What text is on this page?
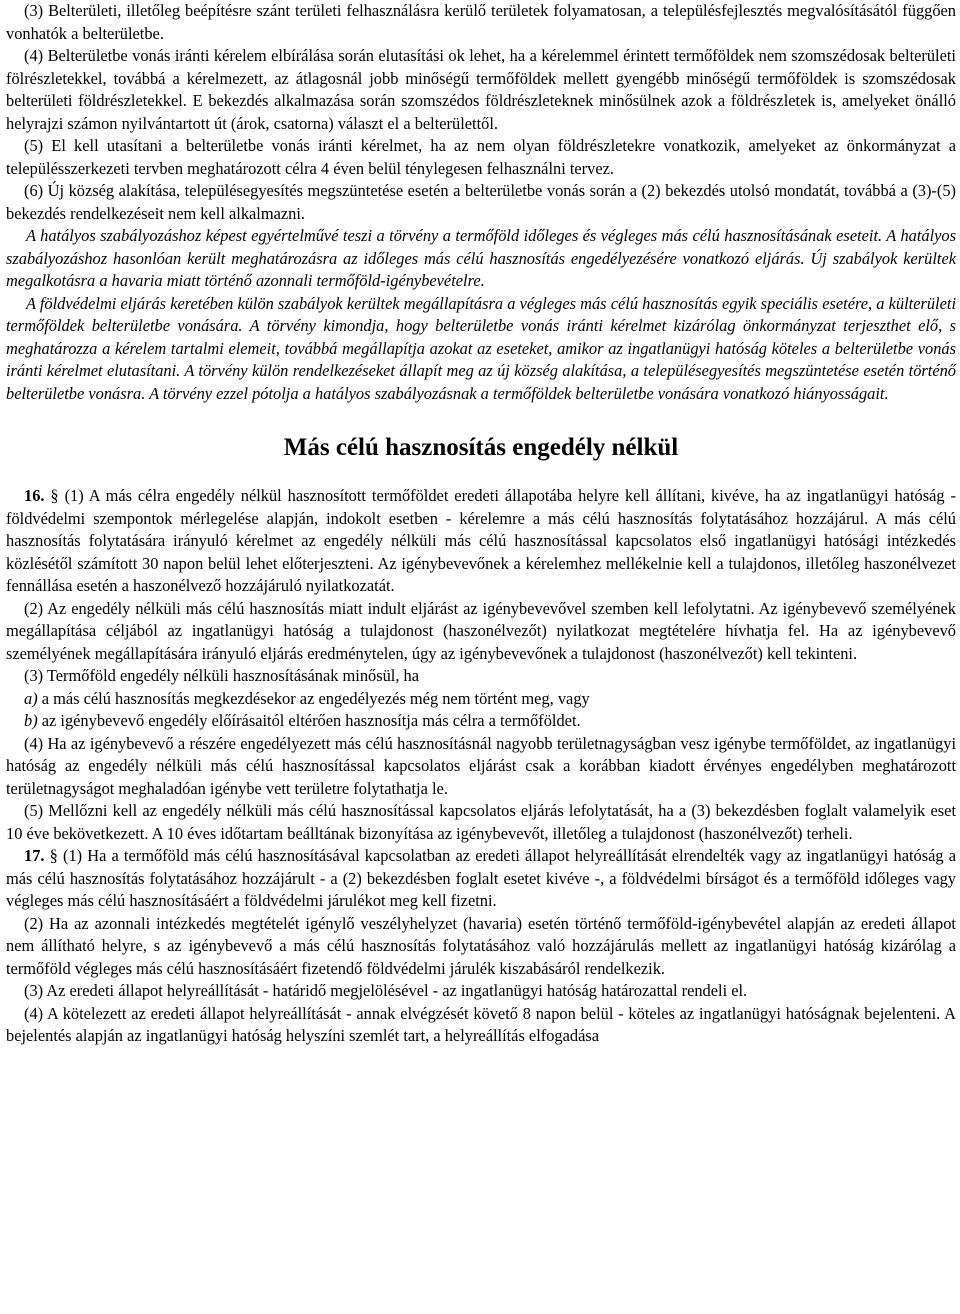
(3) Belterületi, illetőleg beépítésre szánt területi felhasználásra kerülő területek folyamatosan, a településfejlesztés megvalósításától függően vonhatók a belterületbe.

(4) Belterületbe vonás iránti kérelem elbírálása során elutasítási ok lehet, ha a kérelemmel érintett termőföldek nem szomszédosak belterületi fölrészletekkel, továbbá a kérelmezett, az átlagosnál jobb minőségű termőföldek mellett gyengébb minőségű termőföldek is szomszédosak belterületi földrészletekkel. E bekezdés alkalmazása során szomszédos földrészleteknek minősülnek azok a földrészletek is, amelyeket önálló helyrajzi számon nyilvántartott út (árok, csatorna) választ el a belterülettől.

(5) El kell utasítani a belterületbe vonás iránti kérelmet, ha az nem olyan földrészletekre vonatkozik, amelyeket az önkormányzat a településszerkezeti tervben meghatározott célra 4 éven belül ténylegesen felhasználni tervez.

(6) Új község alakítása, településegyesítés megszüntetése esetén a belterületbe vonás során a (2) bekezdés utolsó mondatát, továbbá a (3)-(5) bekezdés rendelkezéseit nem kell alkalmazni.

A hatályos szabályozáshoz képest egyértelművé teszi a törvény a termőföld időleges és végleges más célú hasznosításának eseteit. A hatályos szabályozáshoz hasonlóan került meghatározásra az időleges más célú hasznosítás engedélyezésére vonatkozó eljárás. Új szabályok kerültek megalkotásra a havaria miatt történő azonnali termőföld-igénybevételre.

A földvédelmi eljárás keretében külön szabályok kerültek megállapításra a végleges más célú hasznosítás egyik speciális esetére, a külterületi termőföldek belterületbe vonására. A törvény kimondja, hogy belterületbe vonás iránti kérelmet kizárólag önkormányzat terjeszthet elő, s meghatározza a kérelem tartalmi elemeit, továbbá megállapítja azokat az eseteket, amikor az ingatlanügyi hatóság köteles a belterületbe vonás iránti kérelmet elutasítani. A törvény külön rendelkezéseket állapít meg az új község alakítása, a településegyesítés megszüntetése esetén történő belterületbe vonásra. A törvény ezzel pótolja a hatályos szabályozásnak a termőföldek belterületbe vonására vonatkozó hiányosságait.

Más célú hasznosítás engedély nélkül

16. § (1) A más célra engedély nélkül hasznosított termőföldet eredeti állapotába helyre kell állítani, kivéve, ha az ingatlanügyi hatóság - földvédelmi szempontok mérlegelése alapján, indokolt esetben - kérelemre a más célú hasznosítás folytatásához hozzájárul. A más célú hasznosítás folytatására irányuló kérelmet az engedély nélküli más célú hasznosítással kapcsolatos első ingatlanügyi hatósági intézkedés közlésétől számított 30 napon belül lehet előterjeszteni. Az igénybevevőnek a kérelemhez mellékelnie kell a tulajdonos, illetőleg haszonélvezet fennállása esetén a haszonélvező hozzájáruló nyilatkozatát.

(2) Az engedély nélküli más célú hasznosítás miatt indult eljárást az igénybevevővel szemben kell lefolytatni. Az igénybevevő személyének megállapítása céljából az ingatlanügyi hatóság a tulajdonost (haszonélvezőt) nyilatkozat megtételére hívhatja fel. Ha az igénybevevő személyének megállapítására irányuló eljárás eredménytelen, úgy az igénybevevőnek a tulajdonost (haszonélvezőt) kell tekinteni.

(3) Termőföld engedély nélküli hasznosításának minősül, ha

a) a más célú hasznosítás megkezdésekor az engedélyezés még nem történt meg, vagy

b) az igénybevevő engedély előírásaitól eltérően hasznosítja más célra a termőföldet.

(4) Ha az igénybevevő a részére engedélyezett más célú hasznosításnál nagyobb területnagyságban vesz igénybe termőföldet, az ingatlanügyi hatóság az engedély nélküli más célú hasznosítással kapcsolatos eljárást csak a korábban kiadott érvényes engedélyben meghatározott területnagyságot meghaladóan igénybe vett területre folytathatja le.

(5) Mellőzni kell az engedély nélküli más célú hasznosítással kapcsolatos eljárás lefolytatását, ha a (3) bekezdésben foglalt valamelyik eset 10 éve bekövetkezett. A 10 éves időtartam beálltának bizonyítása az igénybevevőt, illetőleg a tulajdonost (haszonélvezőt) terheli.

17. § (1) Ha a termőföld más célú hasznosításával kapcsolatban az eredeti állapot helyreállítását elrendelték vagy az ingatlanügyi hatóság a más célú hasznosítás folytatásához hozzájárult - a (2) bekezdésben foglalt esetet kivéve -, a földvédelmi bírságot és a termőföld időleges vagy végleges más célú hasznosításáért a földvédelmi járulékot meg kell fizetni.

(2) Ha az azonnali intézkedés megtételét igénylő veszélyhelyzet (havaria) esetén történő termőföld-igénybevétel alapján az eredeti állapot nem állítható helyre, s az igénybevevő a más célú hasznosítás folytatásához való hozzájárulás mellett az ingatlanügyi hatóság kizárólag a termőföld végleges más célú hasznosításáért fizetendő földvédelmi járulék kiszabásáról rendelkezik.

(3) Az eredeti állapot helyreállítását - határidő megjelölésével - az ingatlanügyi hatóság határozattal rendeli el.

(4) A kötelezett az eredeti állapot helyreállítását - annak elvégzését követő 8 napon belül - köteles az ingatlanügyi hatóságnak bejelenteni. A bejelentés alapján az ingatlanügyi hatóság helyszíni szemlét tart, a helyreállítás elfogadása
